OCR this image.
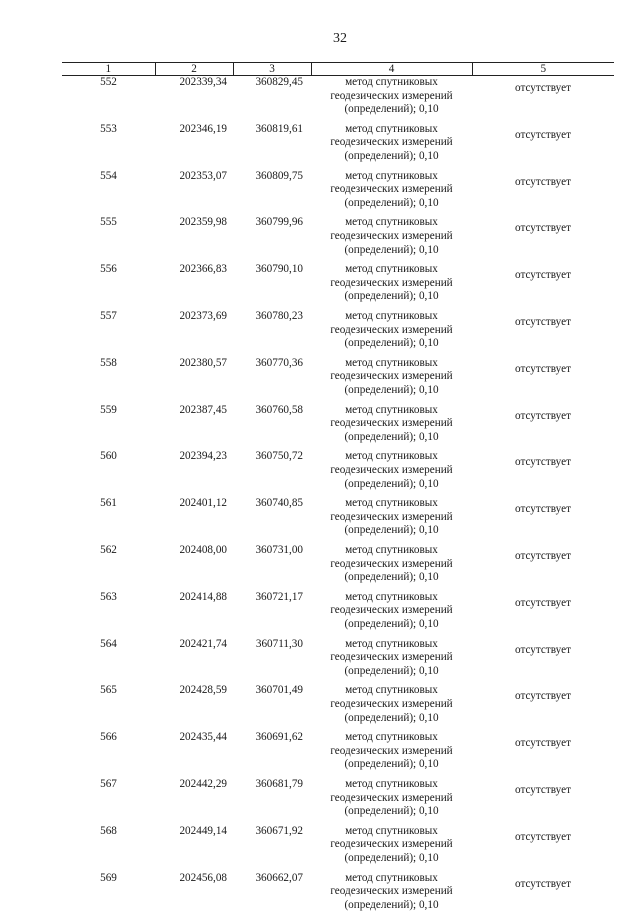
32
1	2	3	4	5
552	202339,34	360829,45	метод спутниковых
геодезических измерений
(определений); 0,10	отсутствует
553	202346,19	360819,61	метод спутниковых
геодезических измерений
(определений); 0,10	отсутствует
554	202353,07	360809,75	метод спутниковых
геодезических измерений
(определений); 0,10	отсутствует
555	202359,98	360799,96	метод спутниковых
геодезических измерений
(определений); 0,10	отсутствует
556	202366,83	360790,10	метод спутниковых
геодезических измерений
(определений); 0,10	отсутствует
557	202373,69	360780,23	метод спутниковых
геодезических измерений
(определений); 0,10	отсутствует
558	202380,57	360770,36	метод спутниковых
геодезических измерений
(определений); 0,10	отсутствует
559	202387,45	360760,58	метод спутниковых
геодезических измерений
(определений); 0,10	отсутствует
560	202394,23	360750,72	метод спутниковых
геодезических измерений
(определений); 0,10	отсутствует
561	202401,12	360740,85	метод спутниковых
геодезических измерений
(определений); 0,10	отсутствует
562	202408,00	360731,00	метод спутниковых
геодезических измерений
(определений); 0,10	отсутствует
563	202414,88	360721,17	метод спутниковых
геодезических измерений
(определений); 0,10	отсутствует
564	202421,74	360711,30	метод спутниковых
геодезических измерений
(определений); 0,10	отсутствует
565	202428,59	360701,49	метод спутниковых
геодезических измерений
(определений); 0,10	отсутствует
566	202435,44	360691,62	метод спутниковых
геодезических измерений
(определений); 0,10	отсутствует
567	202442,29	360681,79	метод спутниковых
геодезических измерений
(определений); 0,10	отсутствует
568	202449,14	360671,92	метод спутниковых
геодезических измерений
(определений); 0,10	отсутствует
569	202456,08	360662,07	метод спутниковых
геодезических измерений
(определений); 0,10	отсутствует
